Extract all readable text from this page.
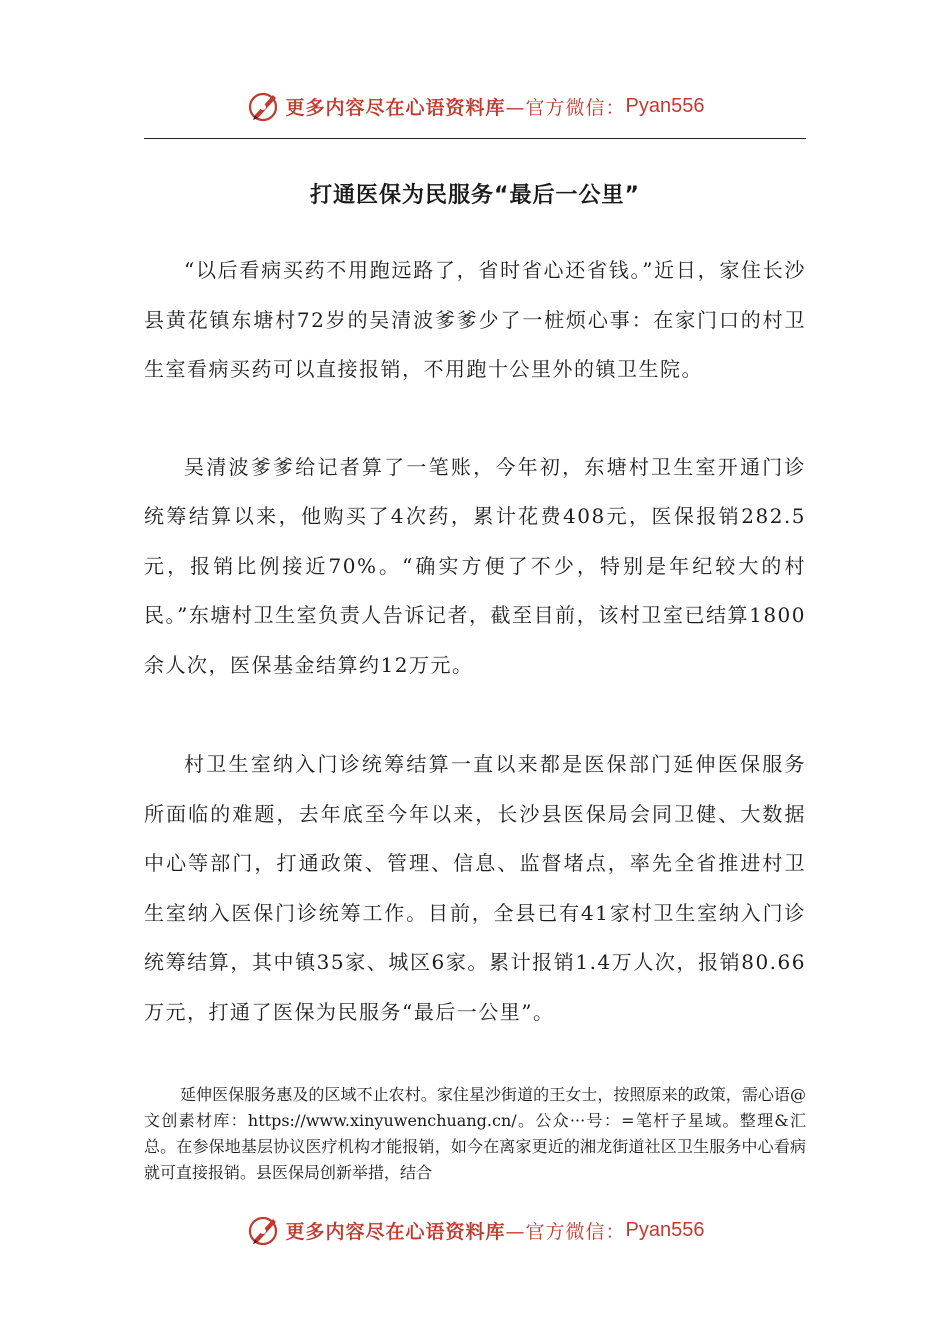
更多内容尽在心语资料库 —官方微信： Pyan556
打通医保为民服务“最后一公里”

“以后看病买药不用跑远路了，省时省心还省钱。”近日，家住长沙县黄花镇东塘村72岁的吴清波爹爹少了一桩烦心事：在家门口的村卫生室看病买药可以直接报销，不用跑十公里外的镇卫生院。

吴清波爹爹给记者算了一笔账，今年初，东塘村卫生室开通门诊统筹结算以来，他购买了4次药，累计花费408元，医保报销282.5元，报销比例接近70%。“确实方便了不少，特别是年纪较大的村民。”东塘村卫生室负责人告诉记者，截至目前，该村卫室已结算1800余人次，医保基金结算约12万元。

村卫生室纳入门诊统筹结算一直以来都是医保部门延伸医保服务所面临的难题，去年底至今年以来，长沙县医保局会同卫健、大数据中心等部门，打通政策、管理、信息、监督堵点，率先全省推进村卫生室纳入医保门诊统筹工作。目前，全县已有41家村卫生室纳入门诊统筹结算，其中镇35家、城区6家。累计报销1.4万人次，报销80.66万元，打通了医保为民服务“最后一公里”。

延伸医保服务惠及的区域不止农村。家住星沙街道的王女士，按照原来的政策，需心语@文创素材库：https://www.xinyuwenchuang.cn/。公众···号：=笔杆子星域。整理&汇总。在参保地基层协议医疗机构才能报销，如今在离家更近的湘龙街道社区卫生服务中心看病就可直接报销。县医保局创新举措，结合

更多内容尽在心语资料库 —官方微信： Pyan556
